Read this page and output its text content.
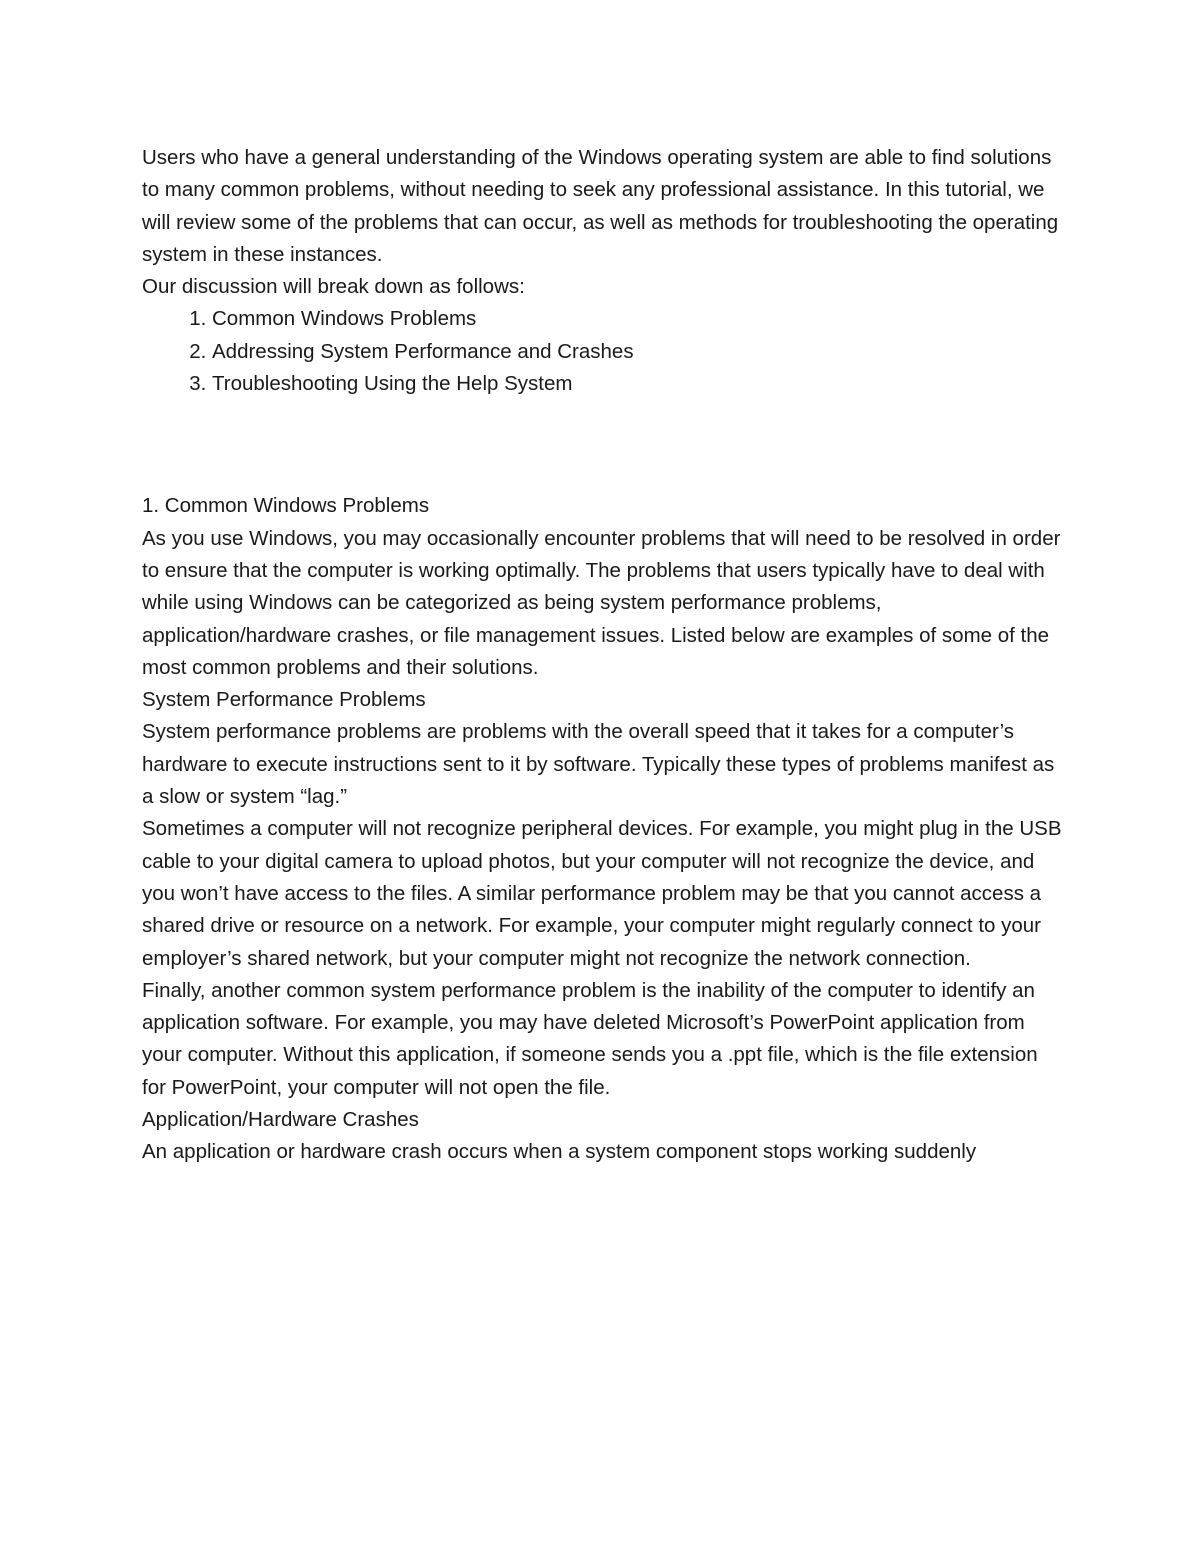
Users who have a general understanding of the Windows operating system are able to find solutions to many common problems, without needing to seek any professional assistance. In this tutorial, we will review some of the problems that can occur, as well as methods for troubleshooting the operating system in these instances.

Our discussion will break down as follows:

1. Common Windows Problems
2. Addressing System Performance and Crashes
3. Troubleshooting Using the Help System

1. Common Windows Problems

As you use Windows, you may occasionally encounter problems that will need to be resolved in order to ensure that the computer is working optimally. The problems that users typically have to deal with while using Windows can be categorized as being system performance problems, application/hardware crashes, or file management issues. Listed below are examples of some of the most common problems and their solutions.

System Performance Problems

System performance problems are problems with the overall speed that it takes for a computer’s hardware to execute instructions sent to it by software. Typically these types of problems manifest as a slow or system “lag.”

Sometimes a computer will not recognize peripheral devices. For example, you might plug in the USB cable to your digital camera to upload photos, but your computer will not recognize the device, and you won’t have access to the files. A similar performance problem may be that you cannot access a shared drive or resource on a network. For example, your computer might regularly connect to your employer’s shared network, but your computer might not recognize the network connection.

Finally, another common system performance problem is the inability of the computer to identify an application software. For example, you may have deleted Microsoft’s PowerPoint application from your computer. Without this application, if someone sends you a .ppt file, which is the file extension for PowerPoint, your computer will not open the file.

Application/Hardware Crashes

An application or hardware crash occurs when a system component stops working suddenly
